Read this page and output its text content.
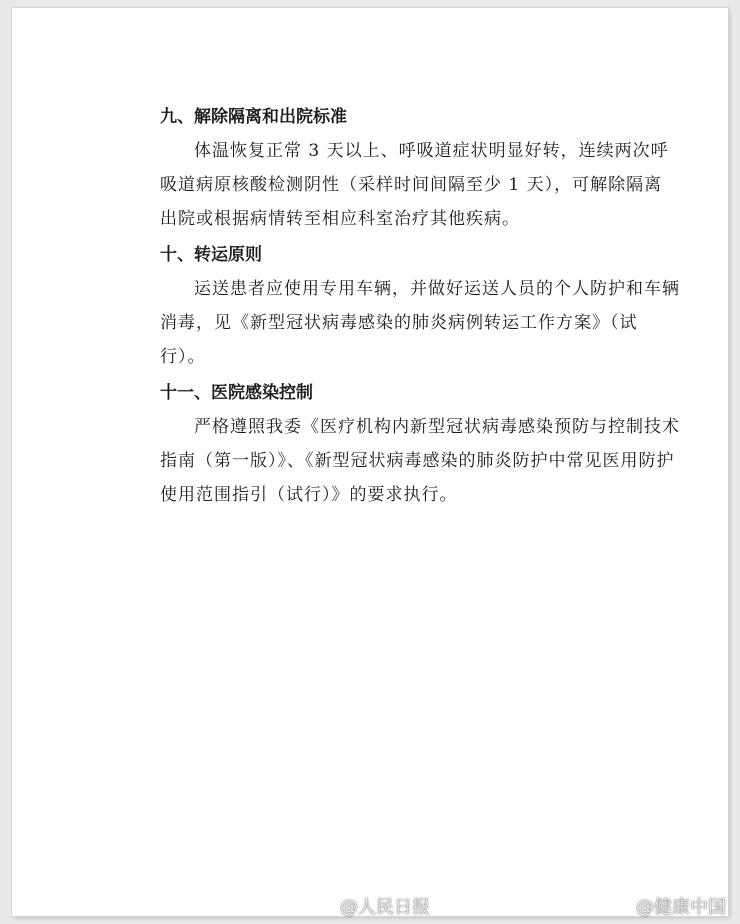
九、解除隔离和出院标准

体温恢复正常 3 天以上、呼吸道症状明显好转，连续两次呼吸道病原核酸检测阴性（采样时间间隔至少 1 天），可解除隔离出院或根据病情转至相应科室治疗其他疾病。

十、转运原则

运送患者应使用专用车辆，并做好运送人员的个人防护和车辆消毒，见《新型冠状病毒感染的肺炎病例转运工作方案》（试行）。

十一、医院感染控制

严格遵照我委《医疗机构内新型冠状病毒感染预防与控制技术指南（第一版）》、《新型冠状病毒感染的肺炎防护中常见医用防护使用范围指引（试行）》的要求执行。

@人民日报	@健康中国
